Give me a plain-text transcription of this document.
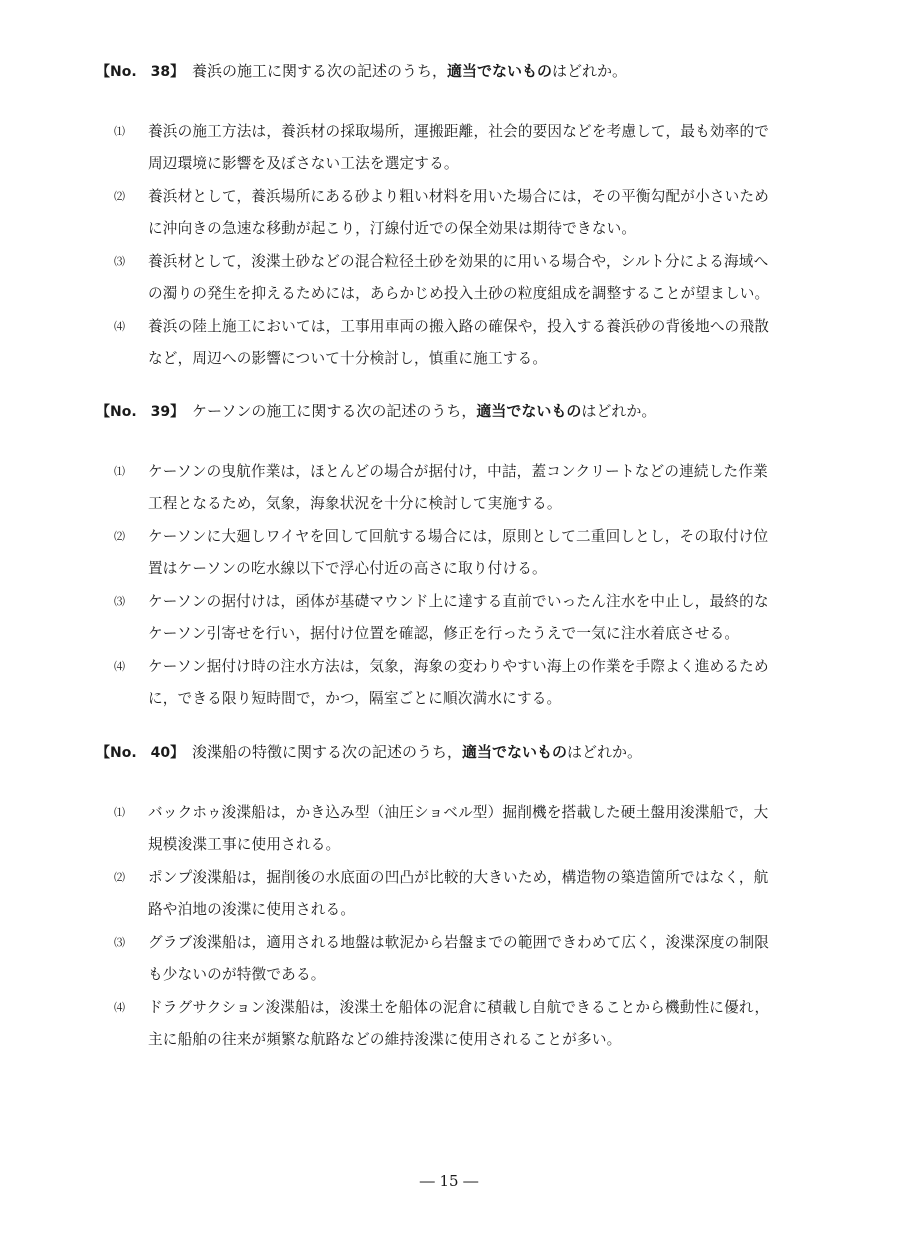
【No.　38】 養浜の施工に関する次の記述のうち，適当でないものはどれか。
⑴ 養浜の施工方法は，養浜材の採取場所，運搬距離，社会的要因などを考慮して，最も効率的で
周辺環境に影響を及ぼさない工法を選定する。
⑵ 養浜材として，養浜場所にある砂より粗い材料を用いた場合には，その平衡勾配が小さいため
に沖向きの急速な移動が起こり，汀線付近での保全効果は期待できない。
⑶ 養浜材として，浚渫土砂などの混合粒径土砂を効果的に用いる場合や，シルト分による海域へ
の濁りの発生を抑えるためには，あらかじめ投入土砂の粒度組成を調整することが望ましい。
⑷ 養浜の陸上施工においては，工事用車両の搬入路の確保や，投入する養浜砂の背後地への飛散
など，周辺への影響について十分検討し，慎重に施工する。
【No.　39】 ケーソンの施工に関する次の記述のうち，適当でないものはどれか。
⑴ ケーソンの曳航作業は，ほとんどの場合が据付け，中詰，蓋コンクリートなどの連続した作業
工程となるため，気象，海象状況を十分に検討して実施する。
⑵ ケーソンに大廻しワイヤを回して回航する場合には，原則として二重回しとし，その取付け位
置はケーソンの吃水線以下で浮心付近の高さに取り付ける。
⑶ ケーソンの据付けは，函体が基礎マウンド上に達する直前でいったん注水を中止し，最終的な
ケーソン引寄せを行い，据付け位置を確認，修正を行ったうえで一気に注水着底させる。
⑷ ケーソン据付け時の注水方法は，気象，海象の変わりやすい海上の作業を手際よく進めるため
に，できる限り短時間で，かつ，隔室ごとに順次満水にする。
【No.　40】 浚渫船の特徴に関する次の記述のうち，適当でないものはどれか。
⑴ バックホゥ浚渫船は，かき込み型（油圧ショベル型）掘削機を搭載した硬土盤用浚渫船で，大
規模浚渫工事に使用される。
⑵ ポンプ浚渫船は，掘削後の水底面の凹凸が比較的大きいため，構造物の築造箇所ではなく，航
路や泊地の浚渫に使用される。
⑶ グラブ浚渫船は，適用される地盤は軟泥から岩盤までの範囲できわめて広く，浚渫深度の制限
も少ないのが特徴である。
⑷ ドラグサクション浚渫船は，浚渫土を船体の泥倉に積載し自航できることから機動性に優れ，
主に船舶の往来が頻繁な航路などの維持浚渫に使用されることが多い。
― 15 ―
